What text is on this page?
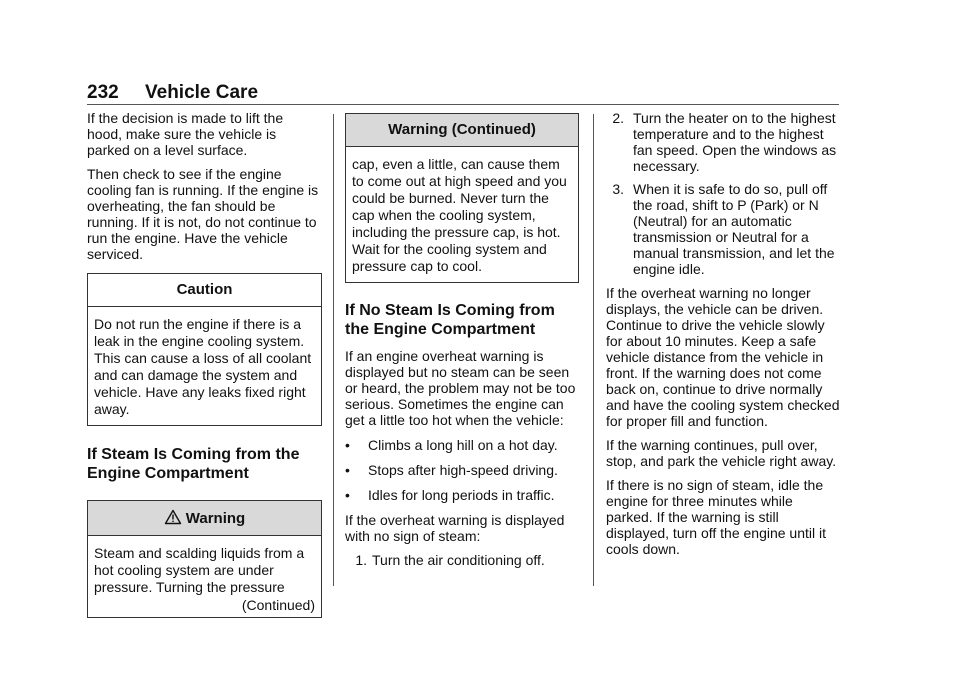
232 Vehicle Care

If the decision is made to lift the hood, make sure the vehicle is parked on a level surface.

Then check to see if the engine cooling fan is running. If the engine is overheating, the fan should be running. If it is not, do not continue to run the engine. Have the vehicle serviced.

Caution
Do not run the engine if there is a leak in the engine cooling system. This can cause a loss of all coolant and can damage the system and vehicle. Have any leaks fixed right away.
If Steam Is Coming from the Engine Compartment
Warning
Steam and scalding liquids from a hot cooling system are under pressure. Turning the pressure
(Continued)
Warning (Continued)
cap, even a little, can cause them to come out at high speed and you could be burned. Never turn the cap when the cooling system, including the pressure cap, is hot. Wait for the cooling system and pressure cap to cool.
If No Steam Is Coming from the Engine Compartment

If an engine overheat warning is displayed but no steam can be seen or heard, the problem may not be too serious. Sometimes the engine can get a little too hot when the vehicle:

•	Climbs a long hill on a hot day.
•	Stops after high-speed driving.
•	Idles for long periods in traffic.

If the overheat warning is displayed with no sign of steam:

1. Turn the air conditioning off.
2. Turn the heater on to the highest temperature and to the highest fan speed. Open the windows as necessary.
3. When it is safe to do so, pull off the road, shift to P (Park) or N (Neutral) for an automatic transmission or Neutral for a manual transmission, and let the engine idle.

If the overheat warning no longer displays, the vehicle can be driven. Continue to drive the vehicle slowly for about 10 minutes. Keep a safe vehicle distance from the vehicle in front. If the warning does not come back on, continue to drive normally and have the cooling system checked for proper fill and function.

If the warning continues, pull over, stop, and park the vehicle right away.

If there is no sign of steam, idle the engine for three minutes while parked. If the warning is still displayed, turn off the engine until it cools down.
